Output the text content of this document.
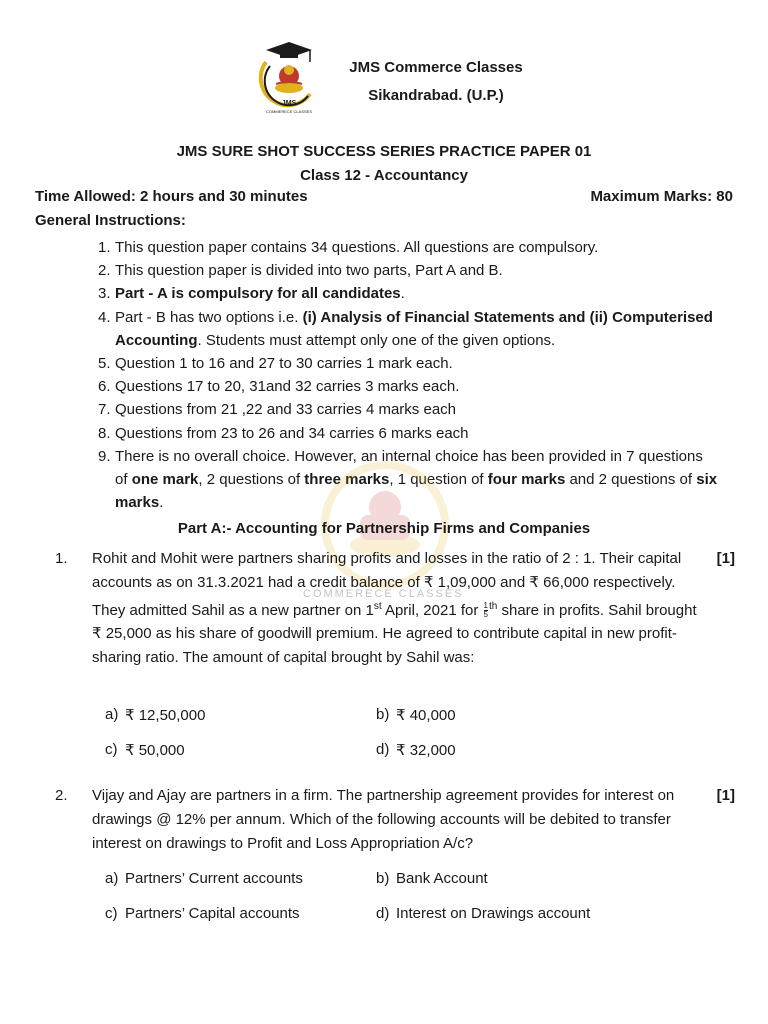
JMS
COMMERECE CLASSES
JMS Commerce Classes
Sikandrabad. (U.P.)
JMS SURE SHOT SUCCESS SERIES PRACTICE PAPER 01
Class 12 - Accountancy
Time Allowed: 2 hours and 30 minutes	Maximum Marks: 80
General Instructions:
1. This question paper contains 34 questions. All questions are compulsory.
2. This question paper is divided into two parts, Part A and B.
3. Part - A is compulsory for all candidates.
4. Part - B has two options i.e. (i) Analysis of Financial Statements and (ii) Computerised Accounting. Students must attempt only one of the given options.
5. Question 1 to 16 and 27 to 30 carries 1 mark each.
6. Questions 17 to 20, 31and 32 carries 3 marks each.
7. Questions from 21 ,22 and 33 carries 4 marks each
8. Questions from 23 to 26 and 34 carries 6 marks each
9. There is no overall choice. However, an internal choice has been provided in 7 questions of one mark, 2 questions of three marks, 1 question of four marks and 2 questions of six marks.
COMMERECE CLASSES
Part A:- Accounting for Partnership Firms and Companies
1. Rohit and Mohit were partners sharing profits and losses in the ratio of 2 : 1. Their capital accounts as on 31.3.2021 had a credit balance of ₹ 1,09,000 and ₹ 66,000 respectively. They admitted Sahil as a new partner on 1st April, 2021 for $\frac{1}{5} ^{th}$ share in profits. Sahil brought ₹ 25,000 as his share of goodwill premium. He agreed to contribute capital in new profit-sharing ratio. The amount of capital brought by Sahil was:
[1]
a) ₹ 12,50,000	b) ₹ 40,000
c) ₹ 50,000	d) ₹ 32,000
2. Vijay and Ajay are partners in a firm. The partnership agreement provides for interest on drawings @ 12% per annum. Which of the following accounts will be debited to transfer interest on drawings to Profit and Loss Appropriation A/c?
[1]
a) Partners’ Current accounts	b) Bank Account
c) Partners’ Capital accounts	d) Interest on Drawings account
